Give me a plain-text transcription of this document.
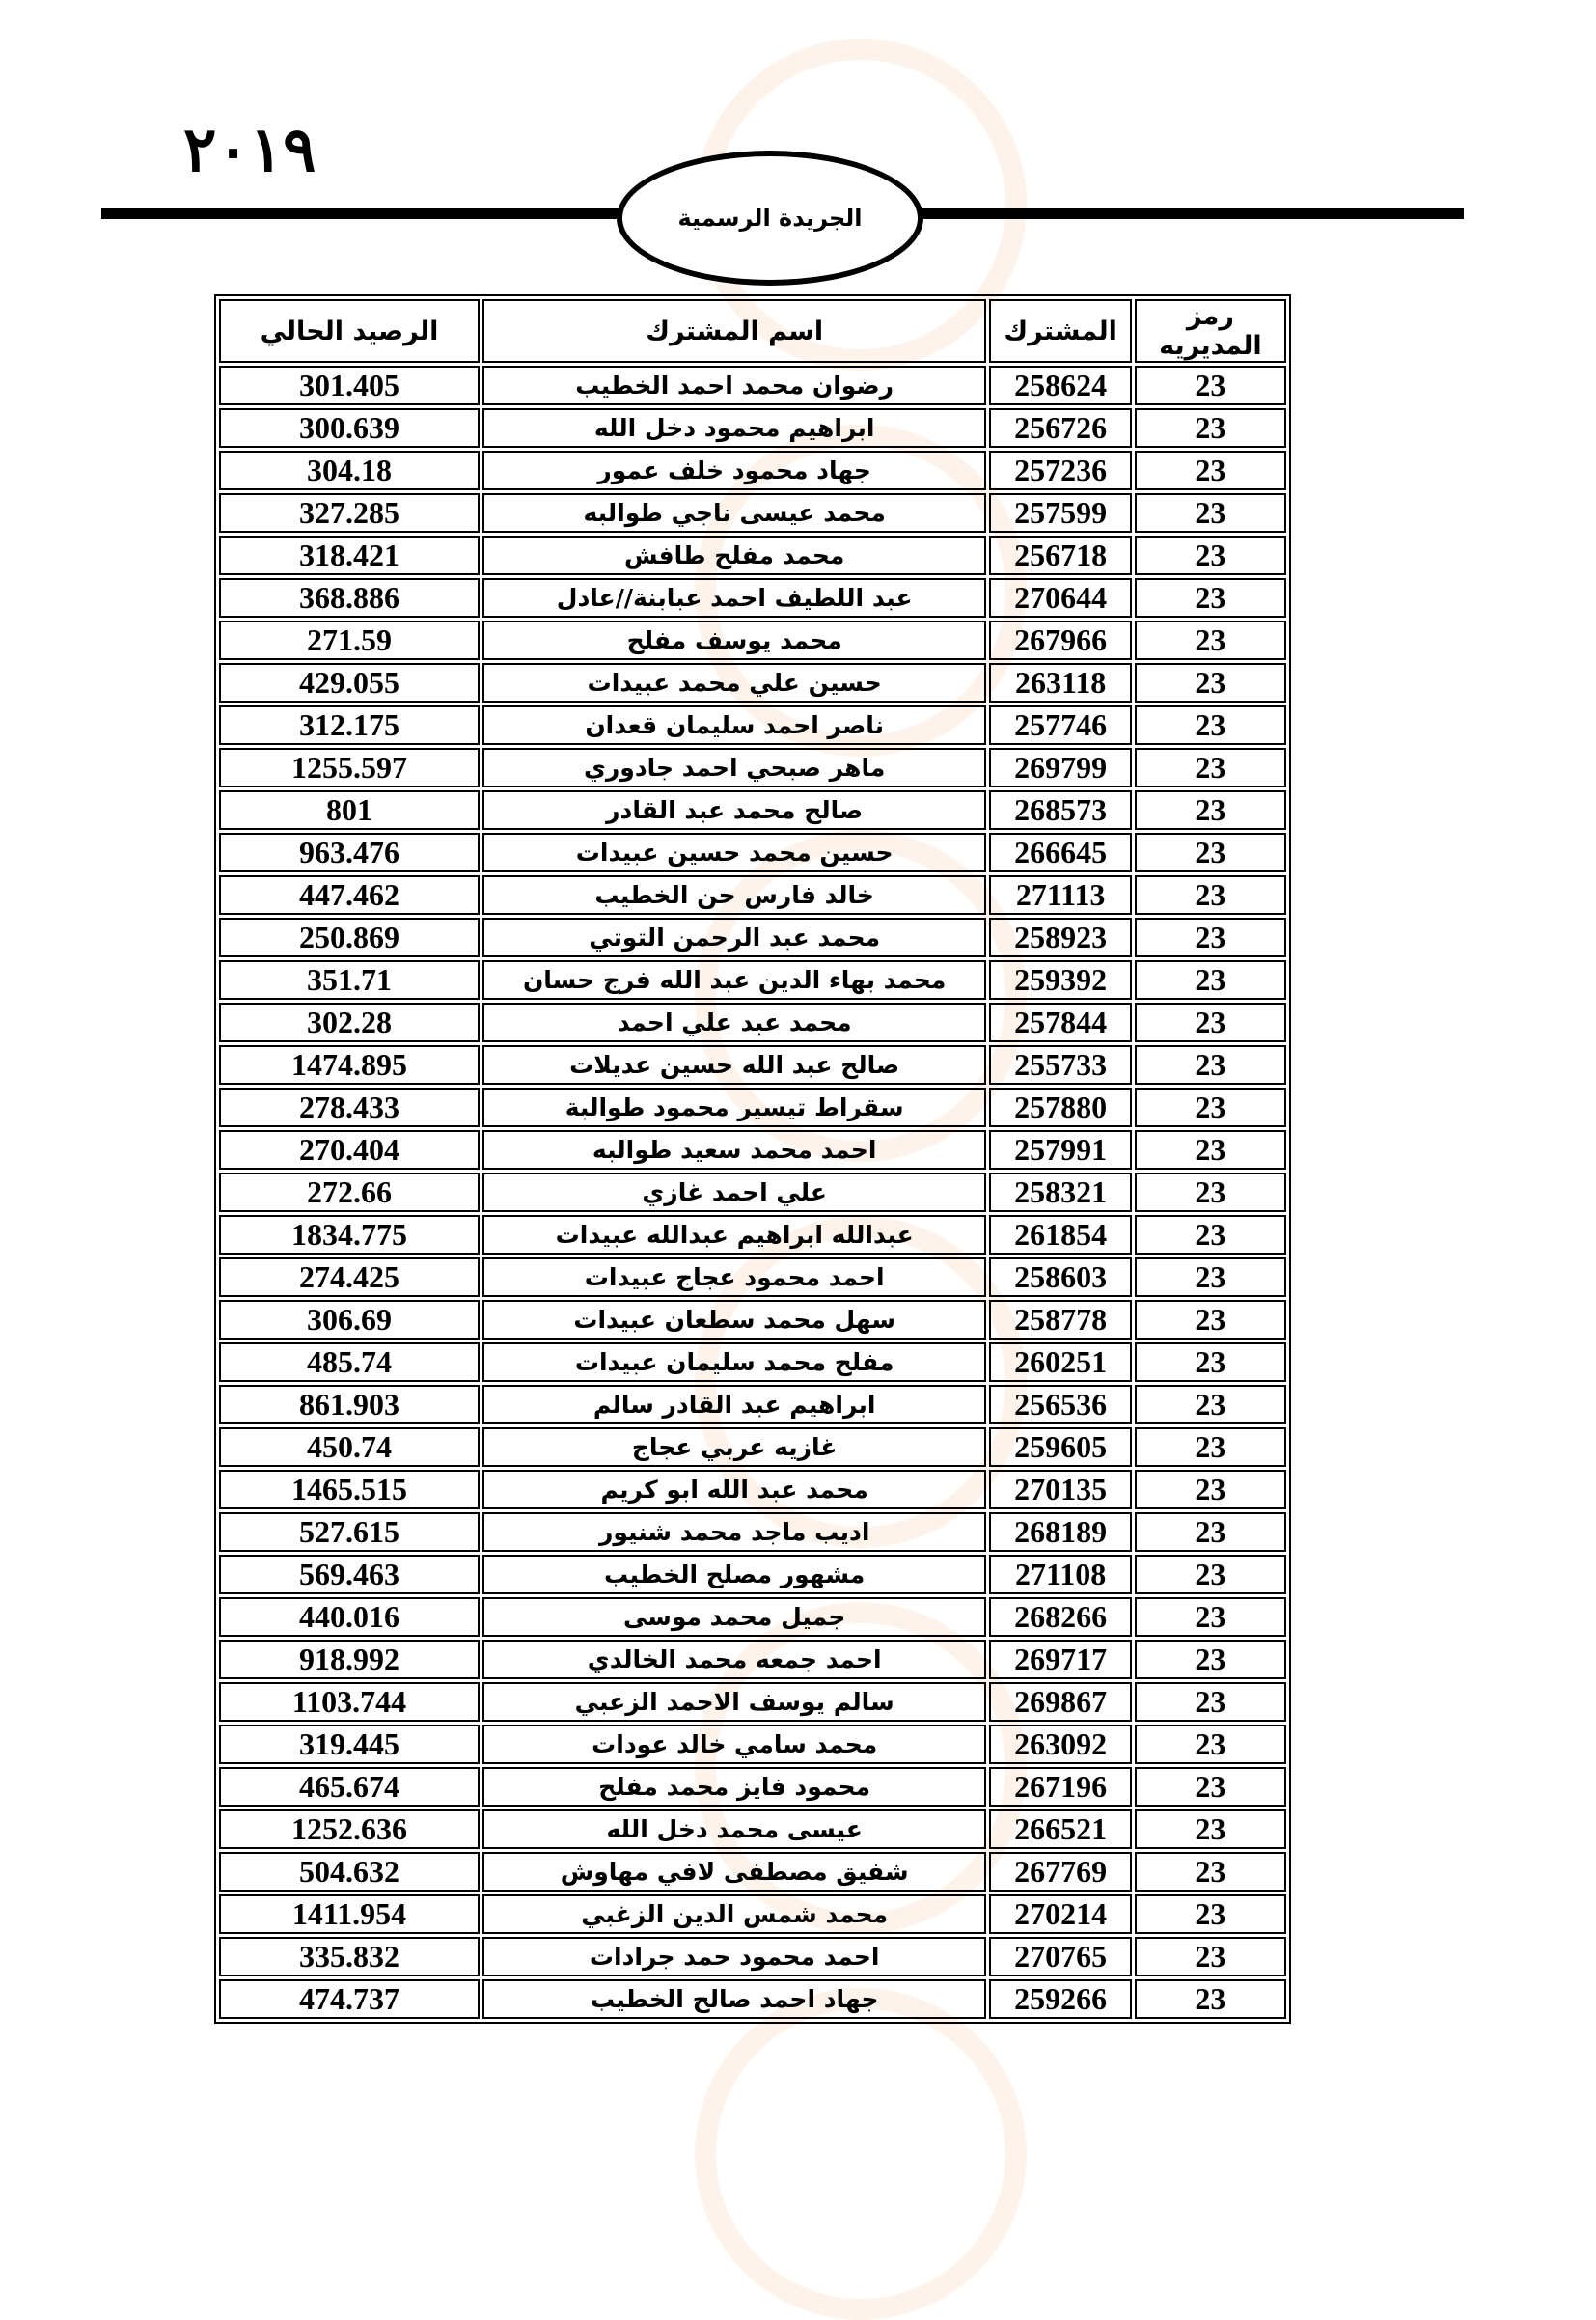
٢٠١٩
الجريدة الرسمية
رمز المديريه	المشترك	اسم المشترك	الرصيد الحالي
23	258624	رضوان محمد احمد الخطيب	301.405
23	256726	ابراهيم محمود دخل الله	300.639
23	257236	جهاد محمود خلف عمور	304.18
23	257599	محمد عيسى ناجي طوالبه	327.285
23	256718	محمد مفلح طافش	318.421
23	270644	عبد اللطيف احمد عبابنة//عادل	368.886
23	267966	محمد يوسف مفلح	271.59
23	263118	حسين علي محمد عبيدات	429.055
23	257746	ناصر احمد سليمان قعدان	312.175
23	269799	ماهر صبحي احمد جادوري	1255.597
23	268573	صالح محمد عبد القادر	801
23	266645	حسين محمد حسين عبيدات	963.476
23	271113	خالد فارس حن الخطيب	447.462
23	258923	محمد عبد الرحمن التوتي	250.869
23	259392	محمد بهاء الدين عبد الله فرج حسان	351.71
23	257844	محمد عبد علي احمد	302.28
23	255733	صالح عبد الله حسين عديلات	1474.895
23	257880	سقراط تيسير محمود طوالبة	278.433
23	257991	احمد محمد سعيد طوالبه	270.404
23	258321	علي احمد غازي	272.66
23	261854	عبدالله ابراهيم عبدالله عبيدات	1834.775
23	258603	احمد محمود عجاج عبيدات	274.425
23	258778	سهل محمد سطعان عبيدات	306.69
23	260251	مفلح محمد سليمان عبيدات	485.74
23	256536	ابراهيم عبد القادر سالم	861.903
23	259605	غازيه عربي عجاج	450.74
23	270135	محمد عبد الله ابو كريم	1465.515
23	268189	اديب ماجد محمد شنيور	527.615
23	271108	مشهور مصلح الخطيب	569.463
23	268266	جميل محمد موسى	440.016
23	269717	احمد جمعه محمد الخالدي	918.992
23	269867	سالم يوسف الاحمد الزعبي	1103.744
23	263092	محمد سامي خالد عودات	319.445
23	267196	محمود فايز محمد مفلح	465.674
23	266521	عيسى محمد دخل الله	1252.636
23	267769	شفيق مصطفى لافي مهاوش	504.632
23	270214	محمد شمس الدين الزغبي	1411.954
23	270765	احمد محمود حمد جرادات	335.832
23	259266	جهاد احمد صالح الخطيب	474.737
